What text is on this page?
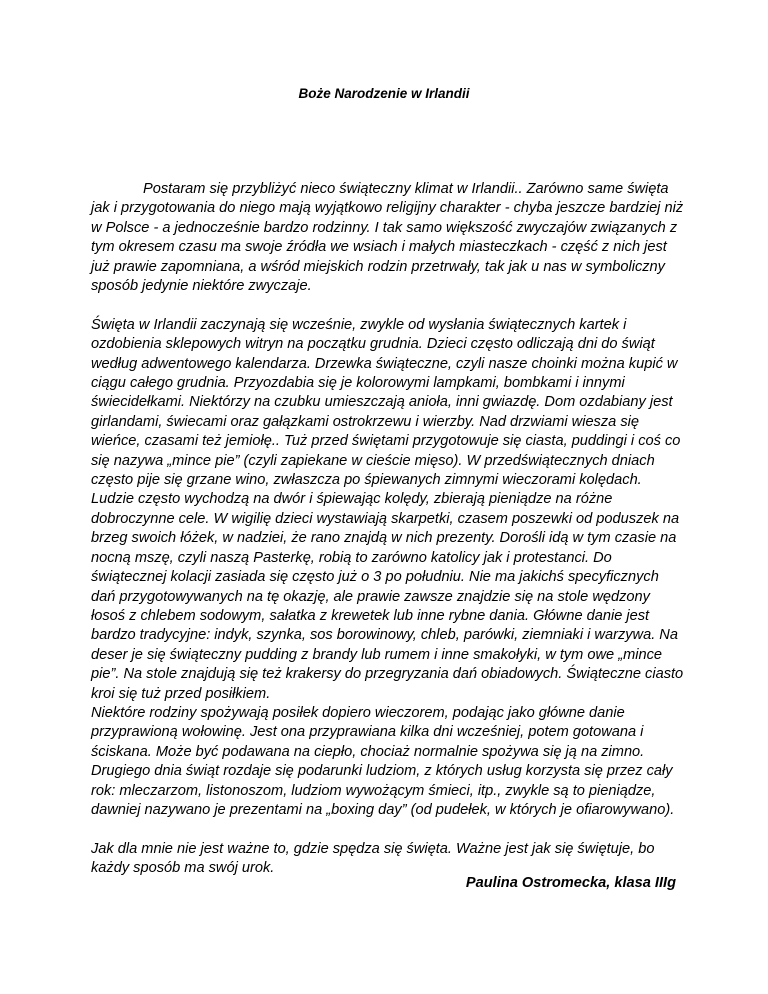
Boże Narodzenie w Irlandii

Postaram się przybliżyć nieco świąteczny klimat w Irlandii.. Zarówno same święta jak i przygotowania do niego mają wyjątkowo religijny charakter - chyba jeszcze bardziej niż w Polsce - a jednocześnie bardzo rodzinny. I tak samo większość zwyczajów związanych z tym okresem czasu ma swoje źródła we wsiach i małych miasteczkach - część z nich jest już prawie zapomniana, a wśród miejskich rodzin przetrwały, tak jak u nas w symboliczny sposób jedynie niektóre zwyczaje.

Święta w Irlandii zaczynają się wcześnie, zwykle od wysłania świątecznych kartek i ozdobienia sklepowych witryn na początku grudnia. Dzieci często odliczają dni do świąt według adwentowego kalendarza. Drzewka świąteczne, czyli nasze choinki można kupić w ciągu całego grudnia. Przyozdabia się je kolorowymi lampkami, bombkami i innymi świecidełkami. Niektórzy na czubku umieszczają anioła, inni gwiazdę. Dom ozdabiany jest girlandami, świecami oraz gałązkami ostrokrzewu i wierzby. Nad drzwiami wiesza się wieńce, czasami też jemiołę.. Tuż przed świętami przygotowuje się ciasta, puddingi i coś co się nazywa „mince pie” (czyli zapiekane w cieście mięso). W przedświątecznych dniach często pije się grzane wino, zwłaszcza po śpiewanych zimnymi wieczorami kolędach. Ludzie często wychodzą na dwór i śpiewając kolędy, zbierają pieniądze na różne dobroczynne cele. W wigilię dzieci wystawiają skarpetki, czasem poszewki od poduszek na brzeg swoich łóżek, w nadziei, że rano znajdą w nich prezenty. Dorośli idą w tym czasie na nocną mszę, czyli naszą Pasterkę, robią to zarówno katolicy jak i protestanci. Do świątecznej kolacji zasiada się często już o 3 po południu. Nie ma jakichś specyficznych dań przygotowywanych na tę okazję, ale prawie zawsze znajdzie się na stole wędzony łosoś z chlebem sodowym, sałatka z krewetek lub inne rybne dania. Główne danie jest bardzo tradycyjne: indyk, szynka, sos borowinowy, chleb, parówki, ziemniaki i warzywa. Na deser je się świąteczny pudding z brandy lub rumem i inne smakołyki, w tym owe „mince pie”. Na stole znajdują się też krakersy do przegryzania dań obiadowych. Świąteczne ciasto kroi się tuż przed posiłkiem.

Niektóre rodziny spożywają posiłek dopiero wieczorem, podając jako główne danie przyprawioną wołowinę. Jest ona przyprawiana kilka dni wcześniej, potem gotowana i ściskana. Może być podawana na ciepło, chociaż normalnie spożywa się ją na zimno. Drugiego dnia świąt rozdaje się podarunki ludziom, z których usług korzysta się przez cały rok: mleczarzom, listonoszom, ludziom wywożącym śmieci, itp., zwykle są to pieniądze, dawniej nazywano je prezentami na „boxing day” (od pudełek, w których je ofiarowywano).

Jak dla mnie nie jest ważne to, gdzie spędza się święta. Ważne jest jak się świętuje, bo każdy sposób ma swój urok.

Paulina Ostromecka, klasa IIIg
